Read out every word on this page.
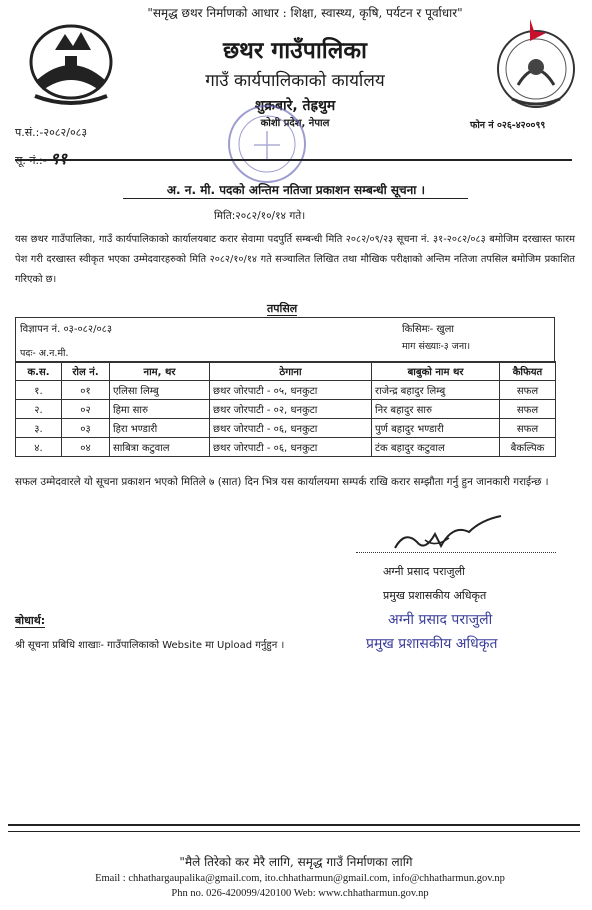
"समृद्ध छथर निर्माणको आधार : शिक्षा, स्वास्थ्य, कृषि, पर्यटन र पूर्वाधार"
छथर गाउँपालिका
गाउँ कार्यपालिकाको कार्यालय
शुक्रबारे, तेह्रथुम
कोशी प्रदेश, नेपाल
प.सं.:-२०८२/०८३
सू. नं.:- ९१
फोन नं ०२६-४२००९९
अ. न. मी. पदको अन्तिम नतिजा प्रकाशन सम्बन्धी सूचना ।
मिति:२०८२/१०/१४ गते।
यस छथर गाउँपालिका, गाउँ कार्यपालिकाको कार्यालयबाट करार सेवामा पदपुर्ति सम्बन्धी मिति २०८२/०९/२३ सूचना नं. ३१-२०८२/०८३ बमोजिम दरखास्त फारम पेश गरी दरखास्त स्वीकृत भएका उम्मेदवारहरुको मिति २०८२/१०/१४ गते सञ्चालित लिखित तथा मौखिक परीक्षाको अन्तिम नतिजा तपसिल बमोजिम प्रकाशित गरिएको छ।
तपसिल
विज्ञापन नं. ०३-०८२/०८३	किसिमः- खुला
माग संख्याः-३ जना।
पदः- अ.न.मी.
क.स.	रोल नं.	नाम, थर	ठेगाना	बाबुको नाम थर	कैफियत
१.	०१	एलिसा लिम्बु	छथर जोरपाटी - ०५, धनकुटा	राजेन्द्र बहादुर लिम्बु	सफल
२.	०२	हिमा सारु	छथर जोरपाटी - ०२, धनकुटा	निर बहादुर सारु	सफल
३.	०३	हिरा भण्डारी	छथर जोरपाटी - ०६, धनकुटा	पुर्ण बहादुर भण्डारी	सफल
४.	०४	साबित्रा कटुवाल	छथर जोरपाटी - ०६, धनकुटा	टंक बहादुर कटुवाल	बैकल्पिक
सफल उम्मेदवारले यो सूचना प्रकाशन भएको मितिले ७ (सात) दिन भित्र यस कार्यालयमा सम्पर्क राखि करार सम्झौता गर्नु हुन जानकारी गराईन्छ ।
अग्नी प्रसाद पराजुली
प्रमुख प्रशासकीय अधिकृत
अग्नी प्रसाद पराजुली
प्रमुख प्रशासकीय अधिकृत
बोधार्थ:
श्री सूचना प्रबिधि शाखाः- गाउँपालिकाको Website मा Upload गर्नुहुन ।
"मैले तिरेको कर मेरै लागि, समृद्ध गाउँ निर्माणका लागि
Email : chhathargaupalika@gmail.com, ito.chhatharmun@gmail.com, info@chhatharmun.gov.np
Phn no. 026-420099/420100 Web: www.chhatharmun.gov.np
